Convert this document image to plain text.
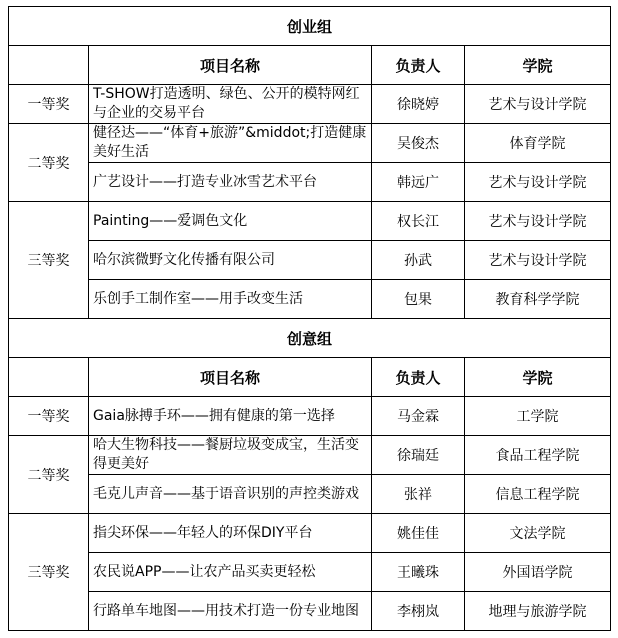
创业组			
	项目名称	负责人	学院
一等奖	T-SHOW打造透明、绿色、公开的模特网红与企业的交易平台	徐晓婷	艺术与设计学院
二等奖	健径达——“体育+旅游”&middot;打造健康美好生活	吴俊杰	体育学院
	广艺设计——打造专业冰雪艺术平台	韩远广	艺术与设计学院
三等奖	Painting——爱调色文化	权长江	艺术与设计学院
	哈尔滨微野文化传播有限公司	孙武	艺术与设计学院
	乐创手工制作室——用手改变生活	包果	教育科学学院
创意组			
	项目名称	负责人	学院
一等奖	Gaia脉搏手环——拥有健康的第一选择	马金霖	工学院
二等奖	哈大生物科技——餐厨垃圾变成宝，生活变得更美好	徐瑞廷	食品工程学院
	毛克儿声音——基于语音识别的声控类游戏	张祥	信息工程学院
三等奖	指尖环保——年轻人的环保DIY平台	姚佳佳	文法学院
	农民说APP——让农产品买卖更轻松	王曦珠	外国语学院
	行路单车地图——用技术打造一份专业地图	李栩岚	地理与旅游学院
